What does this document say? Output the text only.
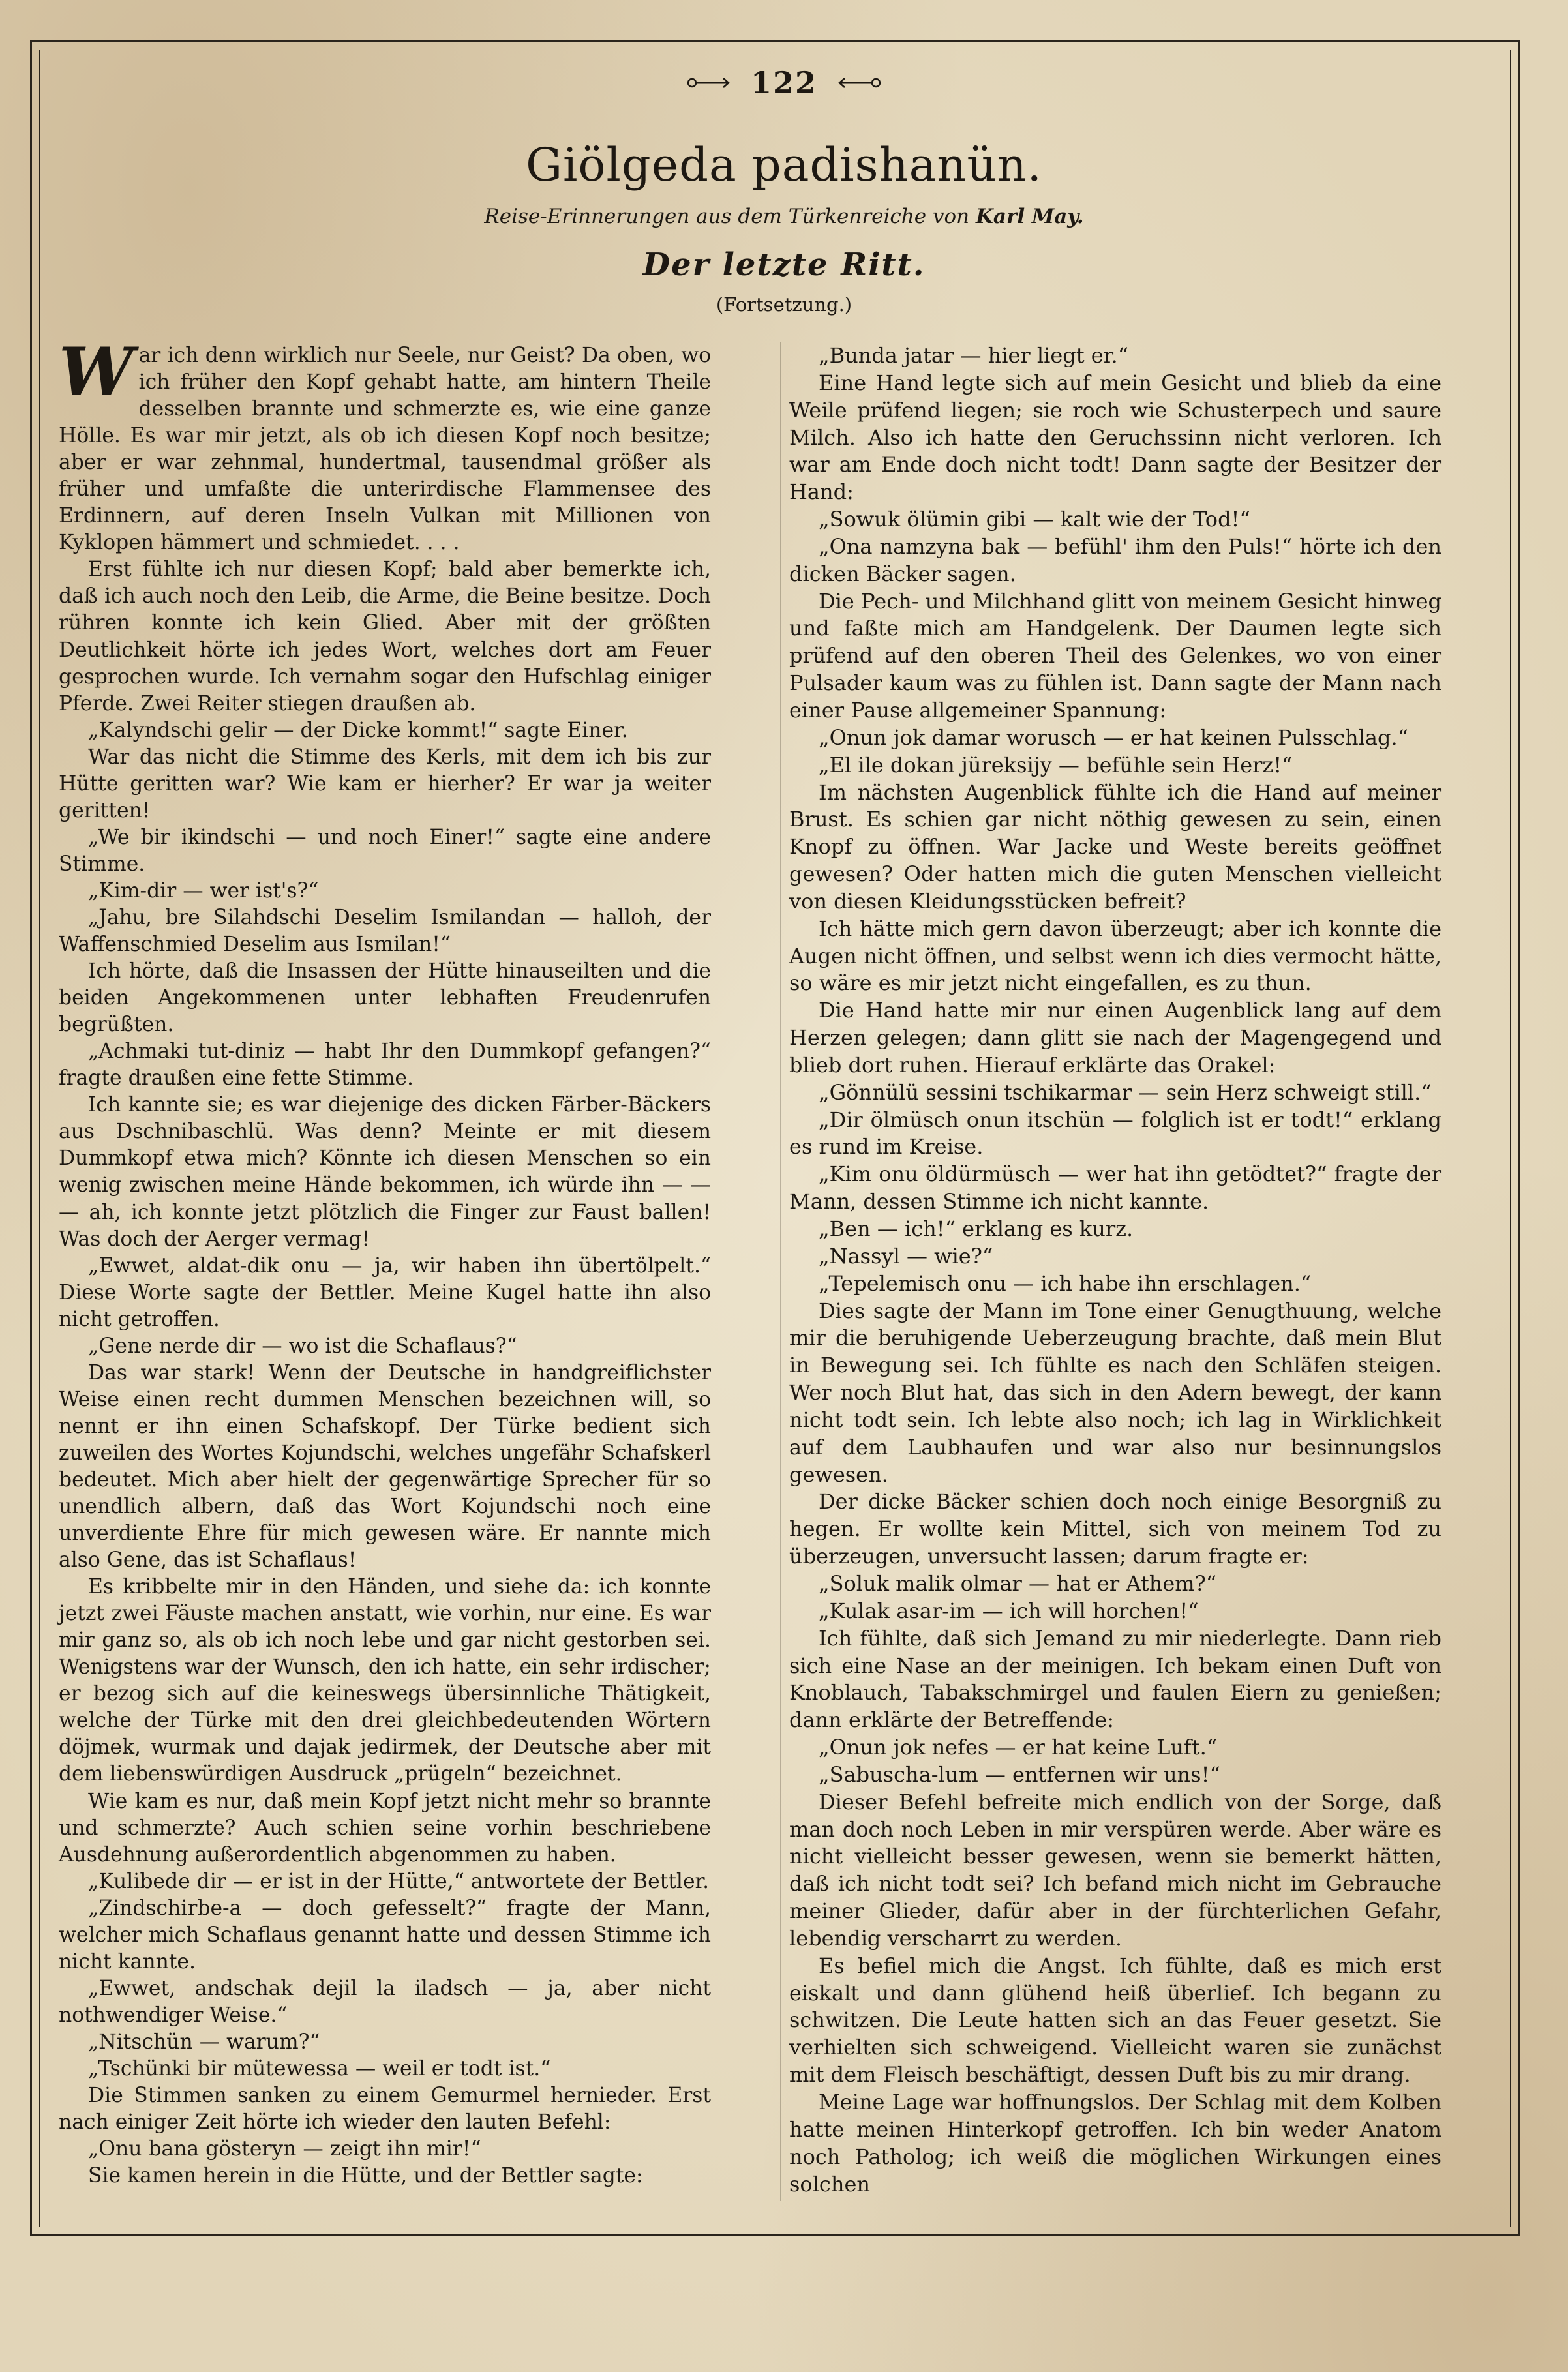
122
Giölgeda padishanün.
Reise-Erinnerungen aus dem Türkenreiche von Karl May.
Der letzte Ritt.
(Fortsetzung.)

War ich denn wirklich nur Seele, nur Geist? Da oben, wo ich früher den Kopf gehabt hatte, am hintern Theile desselben brannte und schmerzte es, wie eine ganze Hölle. Es war mir jetzt, als ob ich diesen Kopf noch besitze; aber er war zehnmal, hundertmal, tausendmal größer als früher und umfaßte die unterirdische Flammensee des Erdinnern, auf deren Inseln Vulkan mit Millionen von Kyklopen hämmert und schmiedet. . . .

Erst fühlte ich nur diesen Kopf; bald aber bemerkte ich, daß ich auch noch den Leib, die Arme, die Beine besitze. Doch rühren konnte ich kein Glied. Aber mit der größten Deutlichkeit hörte ich jedes Wort, welches dort am Feuer gesprochen wurde. Ich vernahm sogar den Hufschlag einiger Pferde. Zwei Reiter stiegen draußen ab.

„Kalyndschi gelir — der Dicke kommt!“ sagte Einer.

War das nicht die Stimme des Kerls, mit dem ich bis zur Hütte geritten war? Wie kam er hierher? Er war ja weiter geritten!

„We bir ikindschi — und noch Einer!“ sagte eine andere Stimme.

„Kim-dir — wer ist's?“

„Jahu, bre Silahdschi Deselim Ismilandan — halloh, der Waffenschmied Deselim aus Ismilan!“

Ich hörte, daß die Insassen der Hütte hinauseilten und die beiden Angekommenen unter lebhaften Freudenrufen begrüßten.

„Achmaki tut-diniz — habt Ihr den Dummkopf gefangen?“ fragte draußen eine fette Stimme.

Ich kannte sie; es war diejenige des dicken Färber-Bäckers aus Dschnibaschlü. Was denn? Meinte er mit diesem Dummkopf etwa mich? Könnte ich diesen Menschen so ein wenig zwischen meine Hände bekommen, ich würde ihn — — — ah, ich konnte jetzt plötzlich die Finger zur Faust ballen! Was doch der Aerger vermag!

„Ewwet, aldat-dik onu — ja, wir haben ihn übertölpelt.“ Diese Worte sagte der Bettler. Meine Kugel hatte ihn also nicht getroffen.

„Gene nerde dir — wo ist die Schaflaus?“

Das war stark! Wenn der Deutsche in handgreiflichster Weise einen recht dummen Menschen bezeichnen will, so nennt er ihn einen Schafskopf. Der Türke bedient sich zuweilen des Wortes Kojundschi, welches ungefähr Schafskerl bedeutet. Mich aber hielt der gegenwärtige Sprecher für so unendlich albern, daß das Wort Kojundschi noch eine unverdiente Ehre für mich gewesen wäre. Er nannte mich also Gene, das ist Schaflaus!

Es kribbelte mir in den Händen, und siehe da: ich konnte jetzt zwei Fäuste machen anstatt, wie vorhin, nur eine. Es war mir ganz so, als ob ich noch lebe und gar nicht gestorben sei. Wenigstens war der Wunsch, den ich hatte, ein sehr irdischer; er bezog sich auf die keineswegs übersinnliche Thätigkeit, welche der Türke mit den drei gleichbedeutenden Wörtern döjmek, wurmak und dajak jedirmek, der Deutsche aber mit dem liebenswürdigen Ausdruck „prügeln“ bezeichnet.

Wie kam es nur, daß mein Kopf jetzt nicht mehr so brannte und schmerzte? Auch schien seine vorhin beschriebene Ausdehnung außerordentlich abgenommen zu haben.

„Kulibede dir — er ist in der Hütte,“ antwortete der Bettler.

„Zindschirbe-a — doch gefesselt?“ fragte der Mann, welcher mich Schaflaus genannt hatte und dessen Stimme ich nicht kannte.

„Ewwet, andschak dejil la iladsch — ja, aber nicht nothwendiger Weise.“

„Nitschün — warum?“

„Tschünki bir mütewessa — weil er todt ist.“

Die Stimmen sanken zu einem Gemurmel hernieder. Erst nach einiger Zeit hörte ich wieder den lauten Befehl:

„Onu bana gösteryn — zeigt ihn mir!“

Sie kamen herein in die Hütte, und der Bettler sagte:

„Bunda jatar — hier liegt er.“

Eine Hand legte sich auf mein Gesicht und blieb da eine Weile prüfend liegen; sie roch wie Schusterpech und saure Milch. Also ich hatte den Geruchssinn nicht verloren. Ich war am Ende doch nicht todt! Dann sagte der Besitzer der Hand:

„Sowuk ölümin gibi — kalt wie der Tod!“

„Ona namzyna bak — befühl' ihm den Puls!“ hörte ich den dicken Bäcker sagen.

Die Pech- und Milchhand glitt von meinem Gesicht hinweg und faßte mich am Handgelenk. Der Daumen legte sich prüfend auf den oberen Theil des Gelenkes, wo von einer Pulsader kaum was zu fühlen ist. Dann sagte der Mann nach einer Pause allgemeiner Spannung:

„Onun jok damar worusch — er hat keinen Pulsschlag.“

„El ile dokan jüreksijy — befühle sein Herz!“

Im nächsten Augenblick fühlte ich die Hand auf meiner Brust. Es schien gar nicht nöthig gewesen zu sein, einen Knopf zu öffnen. War Jacke und Weste bereits geöffnet gewesen? Oder hatten mich die guten Menschen vielleicht von diesen Kleidungsstücken befreit?

Ich hätte mich gern davon überzeugt; aber ich konnte die Augen nicht öffnen, und selbst wenn ich dies vermocht hätte, so wäre es mir jetzt nicht eingefallen, es zu thun.

Die Hand hatte mir nur einen Augenblick lang auf dem Herzen gelegen; dann glitt sie nach der Magengegend und blieb dort ruhen. Hierauf erklärte das Orakel:

„Gönnülü sessini tschikarmar — sein Herz schweigt still.“

„Dir ölmüsch onun itschün — folglich ist er todt!“ erklang es rund im Kreise.

„Kim onu öldürmüsch — wer hat ihn getödtet?“ fragte der Mann, dessen Stimme ich nicht kannte.

„Ben — ich!“ erklang es kurz.

„Nassyl — wie?“

„Tepelemisch onu — ich habe ihn erschlagen.“

Dies sagte der Mann im Tone einer Genugthuung, welche mir die beruhigende Ueberzeugung brachte, daß mein Blut in Bewegung sei. Ich fühlte es nach den Schläfen steigen. Wer noch Blut hat, das sich in den Adern bewegt, der kann nicht todt sein. Ich lebte also noch; ich lag in Wirklichkeit auf dem Laubhaufen und war also nur besinnungslos gewesen.

Der dicke Bäcker schien doch noch einige Besorgniß zu hegen. Er wollte kein Mittel, sich von meinem Tod zu überzeugen, unversucht lassen; darum fragte er:

„Soluk malik olmar — hat er Athem?“

„Kulak asar-im — ich will horchen!“

Ich fühlte, daß sich Jemand zu mir niederlegte. Dann rieb sich eine Nase an der meinigen. Ich bekam einen Duft von Knoblauch, Tabakschmirgel und faulen Eiern zu genießen; dann erklärte der Betreffende:

„Onun jok nefes — er hat keine Luft.“

„Sabuscha-lum — entfernen wir uns!“

Dieser Befehl befreite mich endlich von der Sorge, daß man doch noch Leben in mir verspüren werde. Aber wäre es nicht vielleicht besser gewesen, wenn sie bemerkt hätten, daß ich nicht todt sei? Ich befand mich nicht im Gebrauche meiner Glieder, dafür aber in der fürchterlichen Gefahr, lebendig verscharrt zu werden.

Es befiel mich die Angst. Ich fühlte, daß es mich erst eiskalt und dann glühend heiß überlief. Ich begann zu schwitzen. Die Leute hatten sich an das Feuer gesetzt. Sie verhielten sich schweigend. Vielleicht waren sie zunächst mit dem Fleisch beschäftigt, dessen Duft bis zu mir drang.

Meine Lage war hoffnungslos. Der Schlag mit dem Kolben hatte meinen Hinterkopf getroffen. Ich bin weder Anatom noch Patholog; ich weiß die möglichen Wirkungen eines solchen
